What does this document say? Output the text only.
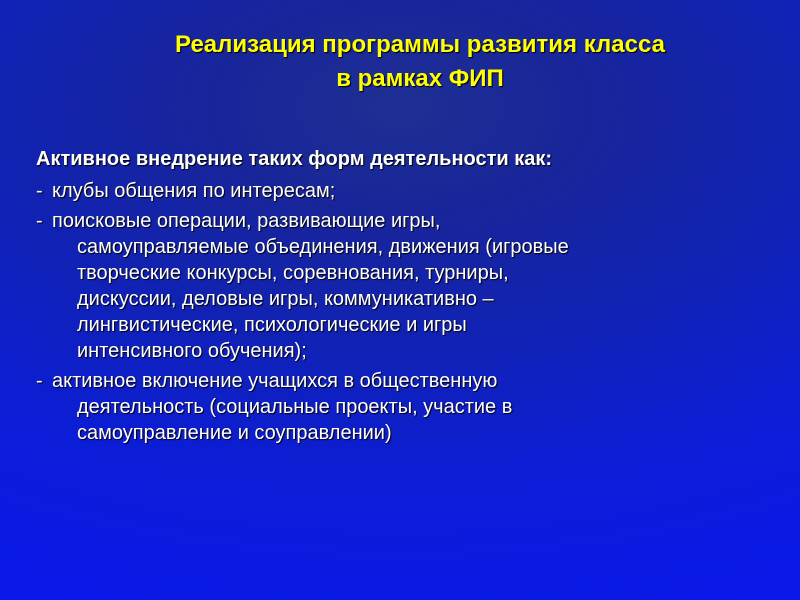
Реализация программы развития класса
в рамках ФИП
Активное внедрение таких форм деятельности как:
- клубы общения по интересам;
- поисковые операции, развивающие игры,
самоуправляемые объединения, движения (игровые
творческие конкурсы, соревнования, турниры,
дискуссии, деловые игры, коммуникативно –
лингвистические, психологические и игры
интенсивного обучения);
- активное включение учащихся в общественную
деятельность (социальные проекты, участие в
самоуправление и соуправлении)
